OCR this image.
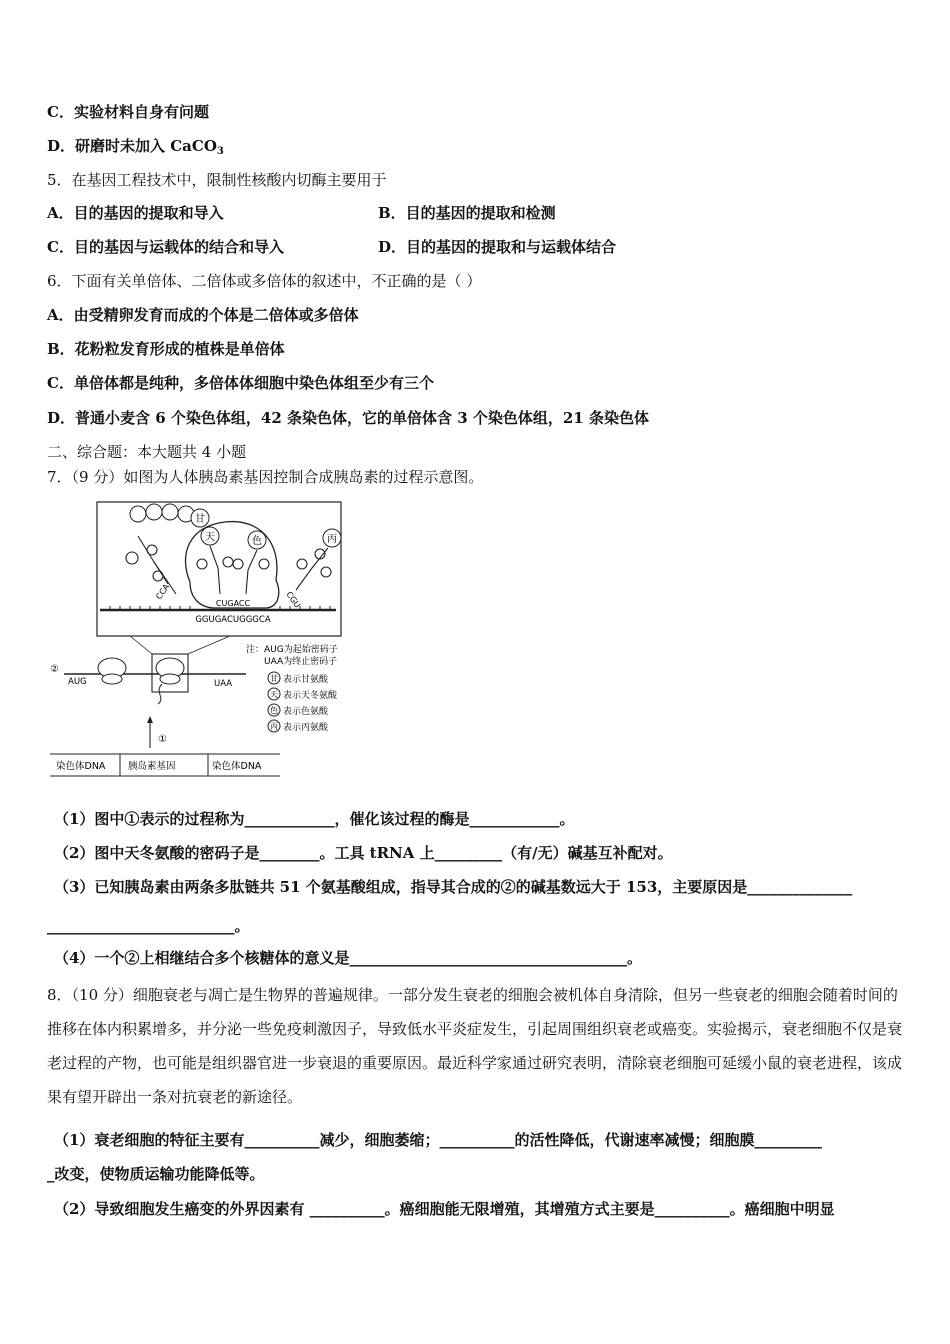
C．实验材料自身有问题
D．研磨时未加入 CaCO$_3$
5．在基因工程技术中，限制性核酸内切酶主要用于
A．目的基因的提取和导入	B．目的基因的提取和检测
C．目的基因与运载体的结合和导入	D．目的基因的提取和与运载体结合
6．下面有关单倍体、二倍体或多倍体的叙述中，不正确的是（ ）
A．由受精卵发育而成的个体是二倍体或多倍体
B．花粉粒发育形成的植株是单倍体
C．单倍体都是纯种，多倍体体细胞中染色体组至少有三个
D．普通小麦含 6 个染色体组，42 条染色体，它的单倍体含 3 个染色体组，21 条染色体
二、综合题：本大题共 4 小题
7．（9 分）如图为人体胰岛素基因控制合成胰岛素的过程示意图。
甘
天	色	丙
CCA
CUGACC	CGU
GGUGACUGGGCA
注：AUG为起始密码子
UAA为终止密码子
甘 表示甘氨酸
天 表示天冬氨酸
色 表示色氨酸
丙 表示丙氨酸
②
AUG	UAA
①
染色体DNA 胰岛素基因	染色体DNA
（1）图中①表示的过程称为____________，催化该过程的酶是____________。
（2）图中天冬氨酸的密码子是________。工具 tRNA 上_________（有/无）碱基互补配对。
（3）已知胰岛素由两条多肽链共 51 个氨基酸组成，指导其合成的②的碱基数远大于 153，主要原因是______________
_________________________。
（4）一个②上相继结合多个核糖体的意义是_____________________________________。
8．（10 分）细胞衰老与凋亡是生物界的普遍规律。一部分发生衰老的细胞会被机体自身清除，但另一些衰老的细胞会随着时间的推移在体内积累增多，并分泌一些免疫刺激因子，导致低水平炎症发生，引起周围组织衰老或癌变。实验揭示，衰老细胞不仅是衰老过程的产物，也可能是组织器官进一步衰退的重要原因。最近科学家通过研究表明，清除衰老细胞可延缓小鼠的衰老进程，该成果有望开辟出一条对抗衰老的新途径。
（1）衰老细胞的特征主要有__________减少，细胞萎缩；__________的活性降低，代谢速率减慢；细胞膜_________
_改变，使物质运输功能降低等。
（2）导致细胞发生癌变的外界因素有 __________。癌细胞能无限增殖，其增殖方式主要是__________。癌细胞中明显
